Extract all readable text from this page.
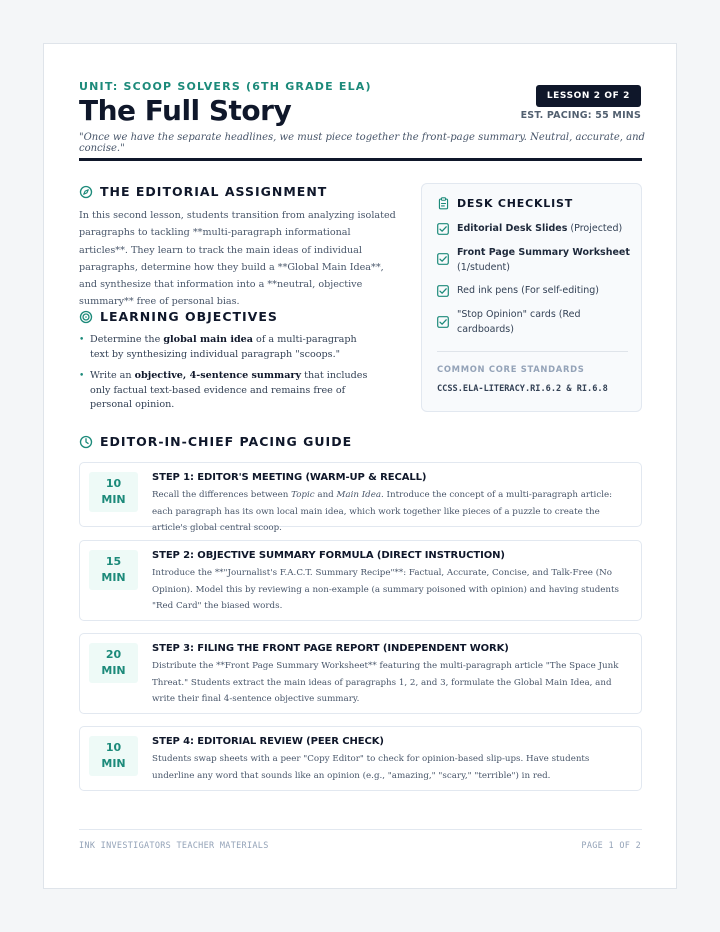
UNIT: SCOOP SOLVERS (6TH GRADE ELA)
The Full Story	LESSON 2 OF 2
EST. PACING: 55 MINS
"Once we have the separate headlines, we must piece together the front-page summary. Neutral, accurate, and concise."
THE EDITORIAL ASSIGNMENT
In this second lesson, students transition from analyzing isolated paragraphs to tackling **multi-paragraph informational articles**. They learn to track the main ideas of individual paragraphs, determine how they build a **Global Main Idea**, and synthesize that information into a **neutral, objective summary** free of personal bias.
LEARNING OBJECTIVES
• Determine the global main idea of a multi-paragraph text by synthesizing individual paragraph "scoops."
• Write an objective, 4-sentence summary that includes only factual text-based evidence and remains free of personal opinion.
DESK CHECKLIST
Editorial Desk Slides (Projected)
Front Page Summary Worksheet (1/student)
Red ink pens (For self-editing)
"Stop Opinion" cards (Red cardboards)
COMMON CORE STANDARDS
CCSS.ELA-LITERACY.RI.6.2 & RI.6.8
EDITOR-IN-CHIEF PACING GUIDE
10
MIN
STEP 1: EDITOR'S MEETING (WARM-UP & RECALL)
Recall the differences between Topic and Main Idea. Introduce the concept of a multi-paragraph article: each paragraph has its own local main idea, which work together like pieces of a puzzle to create the article's global central scoop.
15
MIN
STEP 2: OBJECTIVE SUMMARY FORMULA (DIRECT INSTRUCTION)
Introduce the **"Journalist's F.A.C.T. Summary Recipe"**: Factual, Accurate, Concise, and Talk-Free (No Opinion). Model this by reviewing a non-example (a summary poisoned with opinion) and having students "Red Card" the biased words.
20
MIN
STEP 3: FILING THE FRONT PAGE REPORT (INDEPENDENT WORK)
Distribute the **Front Page Summary Worksheet** featuring the multi-paragraph article "The Space Junk Threat." Students extract the main ideas of paragraphs 1, 2, and 3, formulate the Global Main Idea, and write their final 4-sentence objective summary.
10
MIN
STEP 4: EDITORIAL REVIEW (PEER CHECK)
Students swap sheets with a peer "Copy Editor" to check for opinion-based slip-ups. Have students underline any word that sounds like an opinion (e.g., "amazing," "scary," "terrible") in red.
INK INVESTIGATORS TEACHER MATERIALS	PAGE 1 OF 2
